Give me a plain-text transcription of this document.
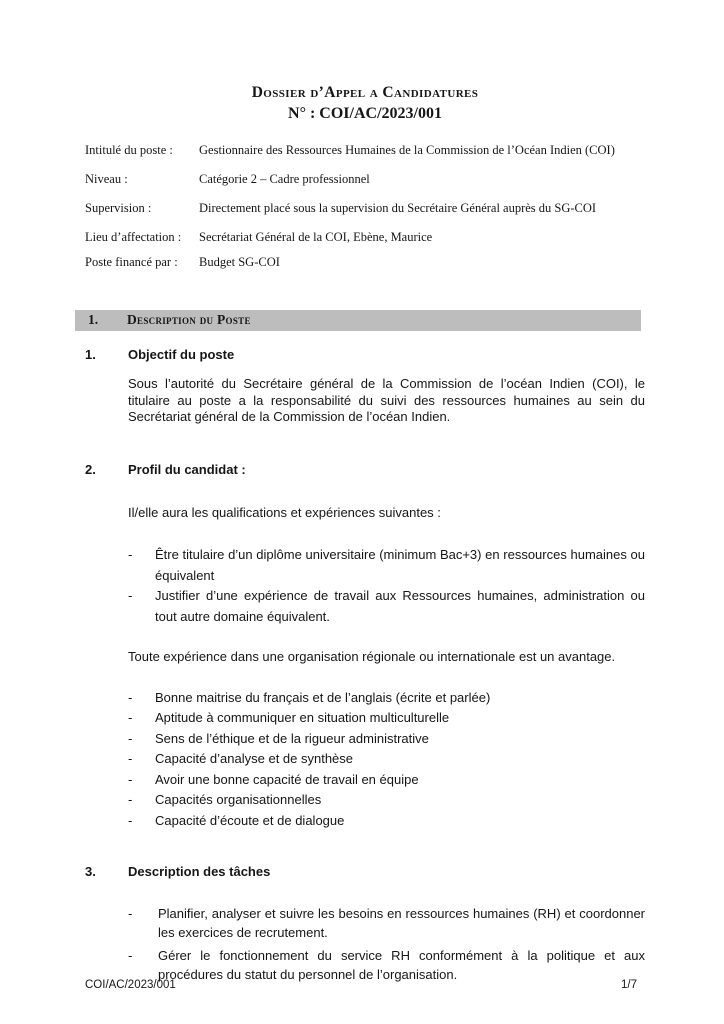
Dossier d’Appel a Candidatures
N° : COI/AC/2023/001
Intitulé du poste :	Gestionnaire des Ressources Humaines de la Commission de l’Océan Indien (COI)
Niveau :	Catégorie 2 – Cadre professionnel
Supervision :	Directement placé sous la supervision du Secrétaire Général auprès du SG-COI
Lieu d’affectation :	Secrétariat Général de la COI, Ebène, Maurice
Poste financé par :	Budget SG-COI
1.	Description du Poste
1.	Objectif du poste

Sous l’autorité du Secrétaire général de la Commission de l’océan Indien (COI), le titulaire au poste a la responsabilité du suivi des ressources humaines au sein du Secrétariat général de la Commission de l’océan Indien.

2.	Profil du candidat :

Il/elle aura les qualifications et expériences suivantes :

-	Être titulaire d’un diplôme universitaire (minimum Bac+3) en ressources humaines ou équivalent
-	Justifier d’une expérience de travail aux Ressources humaines, administration ou tout autre domaine équivalent.

Toute expérience dans une organisation régionale ou internationale est un avantage.

-	Bonne maitrise du français et de l’anglais (écrite et parlée)
-	Aptitude à communiquer en situation multiculturelle
-	Sens de l’éthique et de la rigueur administrative
-	Capacité d’analyse et de synthèse
-	Avoir une bonne capacité de travail en équipe
-	Capacités organisationnelles
-	Capacité d’écoute et de dialogue
3.	Description des tâches
-	Planifier, analyser et suivre les besoins en ressources humaines (RH) et coordonner les exercices de recrutement.
-	Gérer le fonctionnement du service RH conformément à la politique et aux procédures du statut du personnel de l’organisation.
COI/AC/2023/001	1/7
